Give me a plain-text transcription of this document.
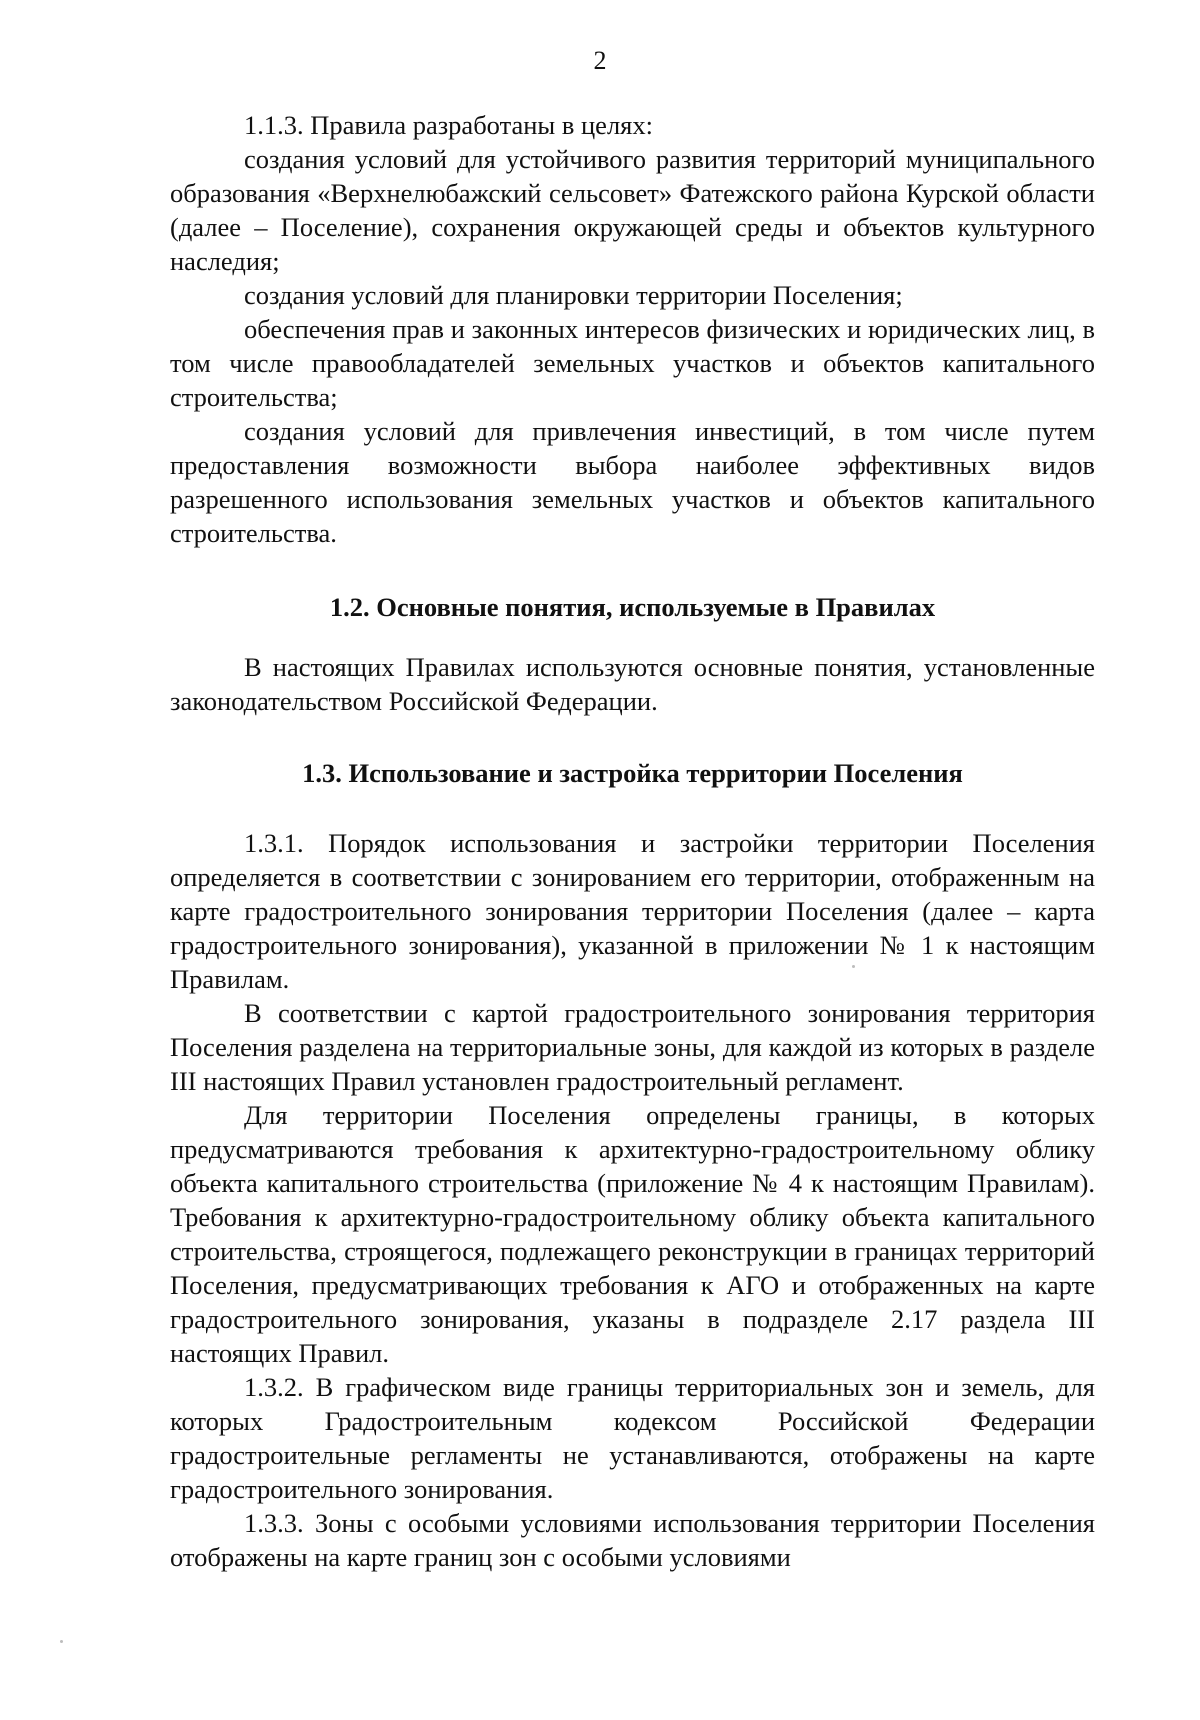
2

1.1.3. Правила разработаны в целях:

создания условий для устойчивого развития территорий муниципального образования «Верхнелюбажский сельсовет» Фатежского района Курской области (далее – Поселение), сохранения окружающей среды и объектов культурного наследия;

создания условий для планировки территории Поселения;

обеспечения прав и законных интересов физических и юридических лиц, в том числе правообладателей земельных участков и объектов капитального строительства;

создания условий для привлечения инвестиций, в том числе путем предоставления возможности выбора наиболее эффективных видов разрешенного использования земельных участков и объектов капитального строительства.

1.2. Основные понятия, используемые в Правилах

В настоящих Правилах используются основные понятия, установленные законодательством Российской Федерации.

1.3. Использование и застройка территории Поселения

1.3.1. Порядок использования и застройки территории Поселения определяется в соответствии с зонированием его территории, отображенным на карте градостроительного зонирования территории Поселения (далее – карта градостроительного зонирования), указанной в приложении № 1 к настоящим Правилам.

В соответствии с картой градостроительного зонирования территория Поселения разделена на территориальные зоны, для каждой из которых в разделе III настоящих Правил установлен градостроительный регламент.

Для территории Поселения определены границы, в которых предусматриваются требования к архитектурно-градостроительному облику объекта капитального строительства (приложение № 4 к настоящим Правилам). Требования к архитектурно-градостроительному облику объекта капитального строительства, строящегося, подлежащего реконструкции в границах территорий Поселения, предусматривающих требования к АГО и отображенных на карте градостроительного зонирования, указаны в подразделе 2.17 раздела III настоящих Правил.

1.3.2. В графическом виде границы территориальных зон и земель, для которых Градостроительным кодексом Российской Федерации градостроительные регламенты не устанавливаются, отображены на карте градостроительного зонирования.

1.3.3. Зоны с особыми условиями использования территории Поселения отображены на карте границ зон с особыми условиями
